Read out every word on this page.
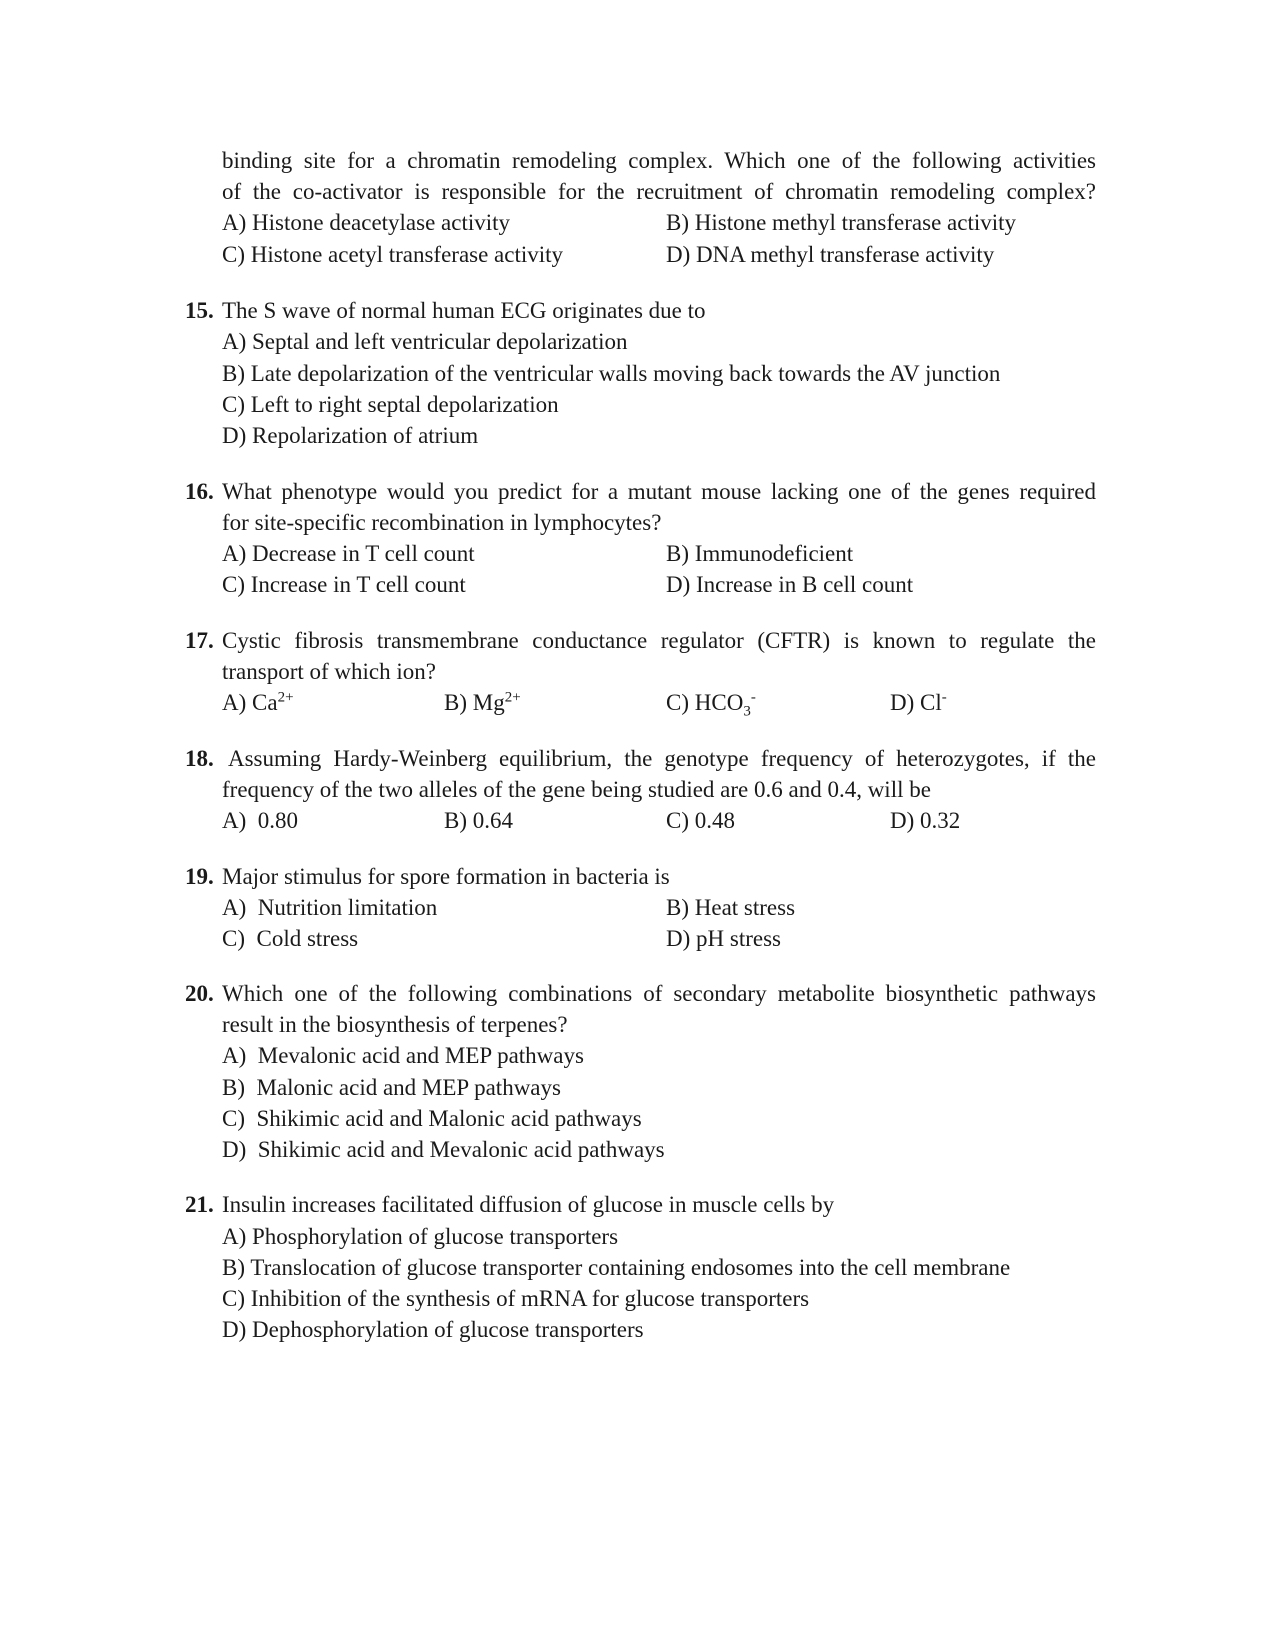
binding site for a chromatin remodeling complex. Which one of the following activities
of the co-activator is responsible for the recruitment of chromatin remodeling complex?
A) Histone deacetylase activity	B) Histone methyl transferase activity
C) Histone acetyl transferase activity	D) DNA methyl transferase activity
15. The S wave of normal human ECG originates due to
A) Septal and left ventricular depolarization
B) Late depolarization of the ventricular walls moving back towards the AV junction
C) Left to right septal depolarization
D) Repolarization of atrium
16. What phenotype would you predict for a mutant mouse lacking one of the genes required
for site-specific recombination in lymphocytes?
A) Decrease in T cell count	B) Immunodeficient
C) Increase in T cell count	D) Increase in B cell count
17. Cystic fibrosis transmembrane conductance regulator (CFTR) is known to regulate the
transport of which ion?
A) $Ca^{2+}$	B) $Mg^{2+}$	C) $HCO_3^-$	D) Cl-
18. Assuming Hardy-Weinberg equilibrium, the genotype frequency of heterozygotes, if the
frequency of the two alleles of the gene being studied are 0.6 and 0.4, will be
A)  0.80	B) 0.64	C) 0.48	D) 0.32
19. Major stimulus for spore formation in bacteria is
A)  Nutrition limitation	B) Heat stress
C)  Cold stress	D) pH stress
20. Which one of the following combinations of secondary metabolite biosynthetic pathways
result in the biosynthesis of terpenes?
A)  Mevalonic acid and MEP pathways
B)  Malonic acid and MEP pathways
C)  Shikimic acid and Malonic acid pathways
D)  Shikimic acid and Mevalonic acid pathways
21. Insulin increases facilitated diffusion of glucose in muscle cells by
A) Phosphorylation of glucose transporters
B) Translocation of glucose transporter containing endosomes into the cell membrane
C) Inhibition of the synthesis of mRNA for glucose transporters
D) Dephosphorylation of glucose transporters
